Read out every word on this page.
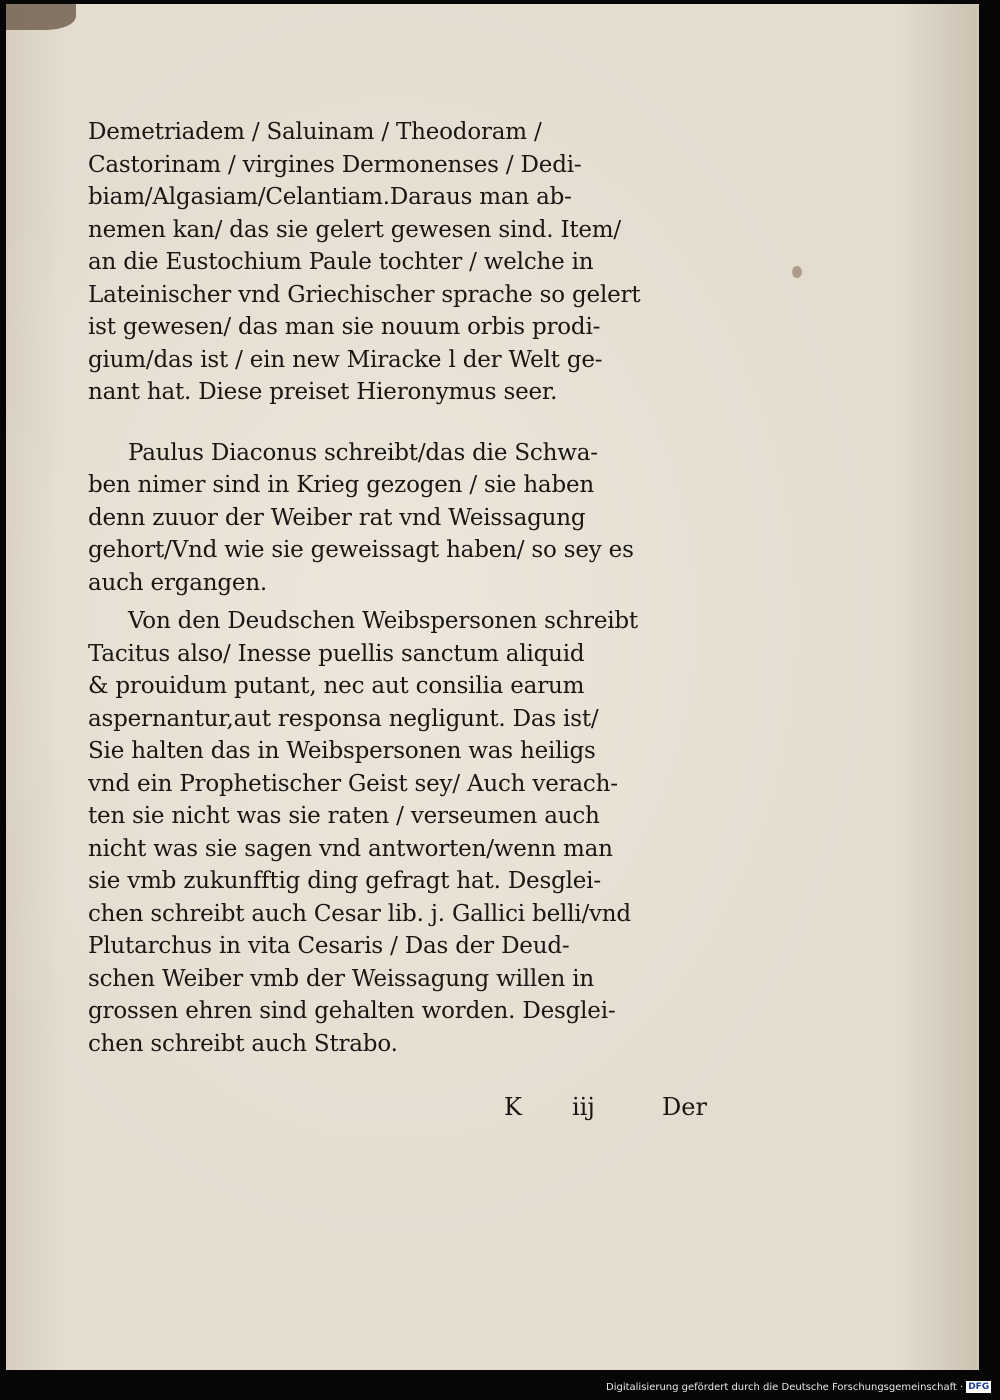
Demetriadem / Saluinam / Theodoram /
Castorinam / virgines Dermonenses / Dedi-
biam/Algasiam/Celantiam.Daraus man ab-
nemen kan/ das sie gelert gewesen sind. Item/
an die Eustochium Paule tochter / welche in
Lateinischer vnd Griechischer sprache so gelert
ist gewesen/ das man sie nouum orbis prodi-
gium/das ist / ein new Miracke l der Welt ge-
nant hat. Diese preiset Hieronymus seer.
Paulus Diaconus schreibt/das die Schwa-
ben nimer sind in Krieg gezogen / sie haben
denn zuuor der Weiber rat vnd Weissagung
gehort/Vnd wie sie geweissagt haben/ so sey es
auch ergangen.
Von den Deudschen Weibspersonen schreibt
Tacitus also/ Inesse puellis sanctum aliquid
& prouidum putant, nec aut consilia earum
aspernantur,aut responsa negligunt. Das ist/
Sie halten das in Weibspersonen was heiligs
vnd ein Prophetischer Geist sey/ Auch verach-
ten sie nicht was sie raten / verseumen auch
nicht was sie sagen vnd antworten/wenn man
sie vmb zukunfftig ding gefragt hat. Desglei-
chen schreibt auch Cesar lib. j. Gallici belli/vnd
Plutarchus in vita Cesaris / Das der Deud-
schen Weiber vmb der Weissagung willen in
grossen ehren sind gehalten worden. Desglei-
chen schreibt auch Strabo.
K iij	Der
Digitalisierung gefördert durch die Deutsche Forschungsgemeinschaft · DFG
